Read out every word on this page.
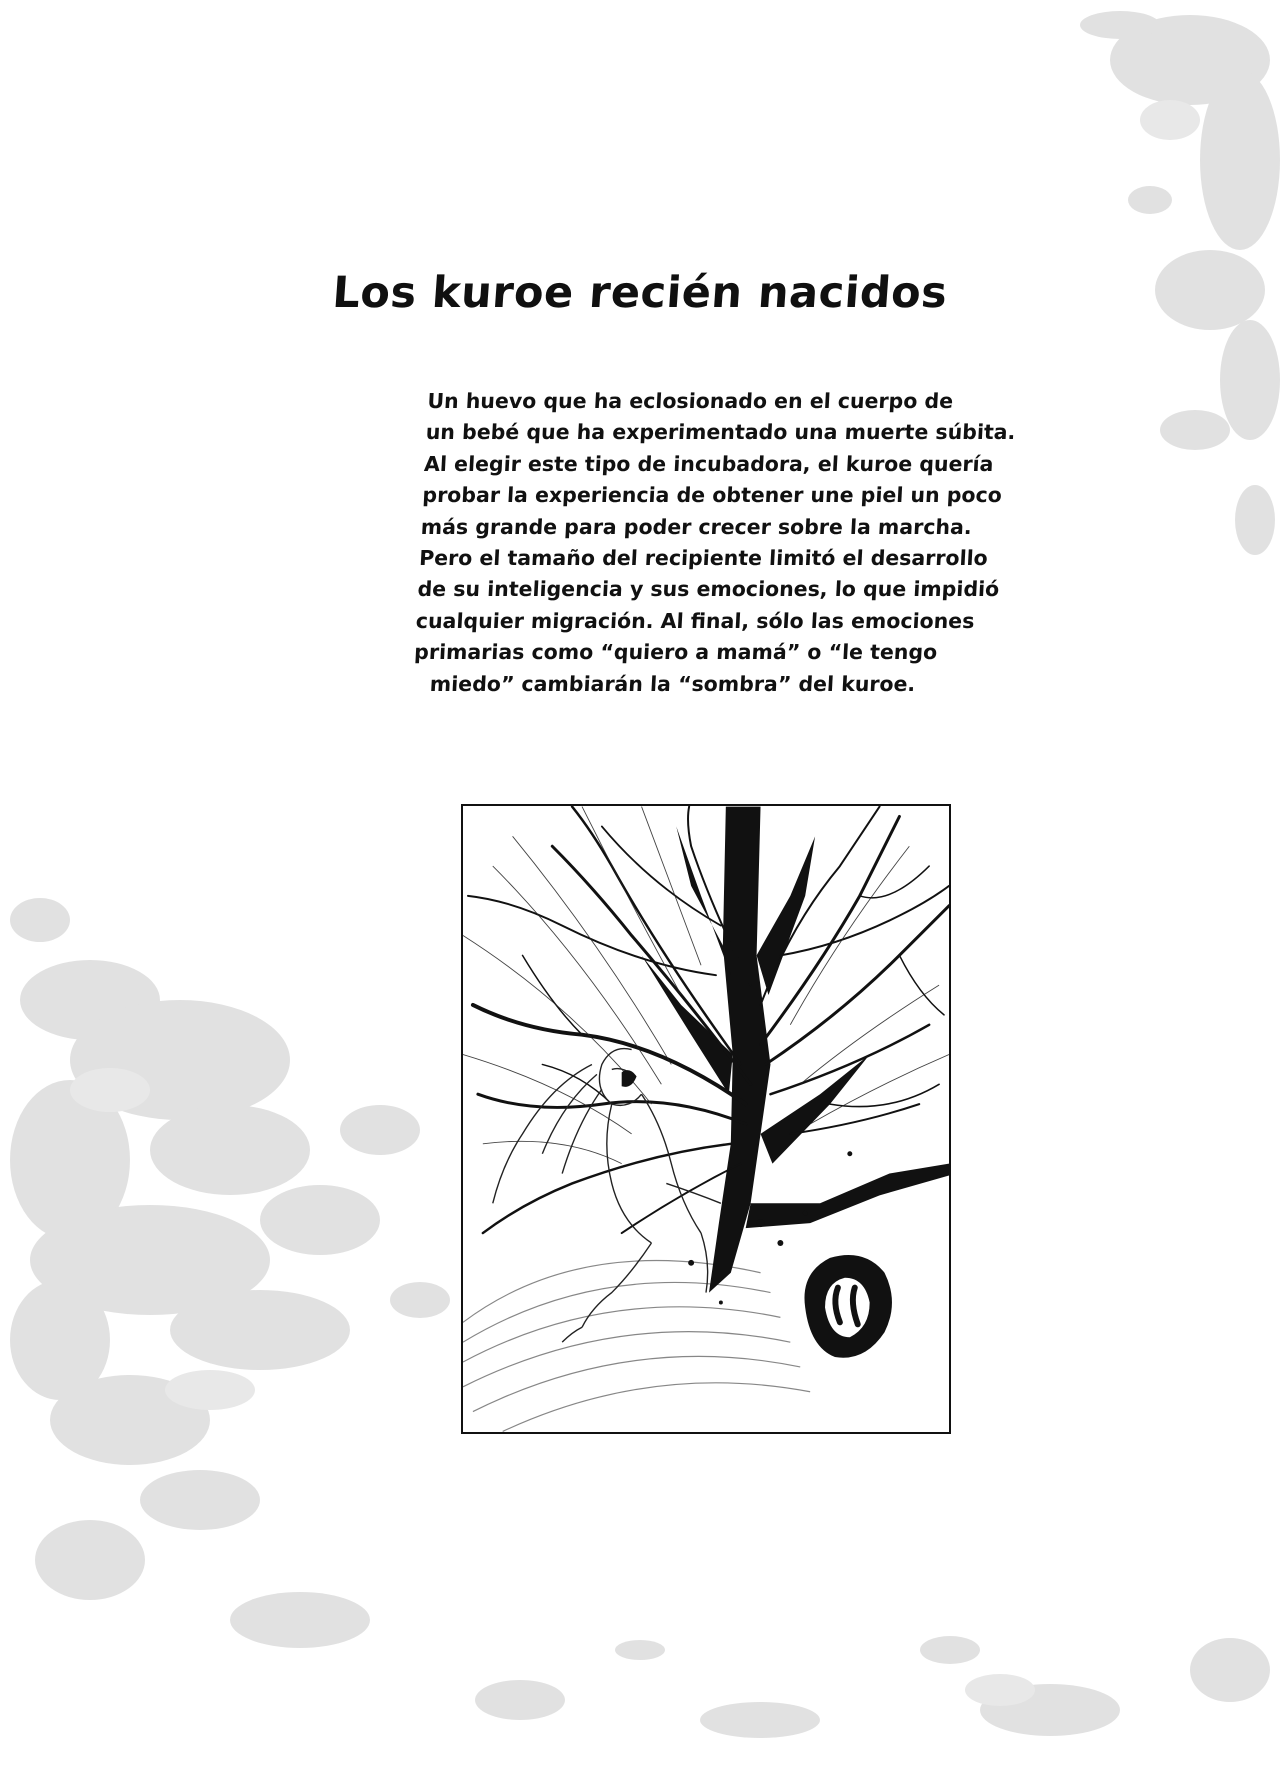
Los kuroe recién nacidos
Un huevo que ha eclosionado en el cuerpo de
un bebé que ha experimentado una muerte súbita.
Al elegir este tipo de incubadora, el kuroe quería
probar la experiencia de obtener une piel un poco
más grande para poder crecer sobre la marcha.
Pero el tamaño del recipiente limitó el desarrollo
de su inteligencia y sus emociones, lo que impidió
cualquier migración. Al final, sólo las emociones
primarias como “quiero a mamá” o “le tengo
miedo” cambiarán la “sombra” del kuroe.
